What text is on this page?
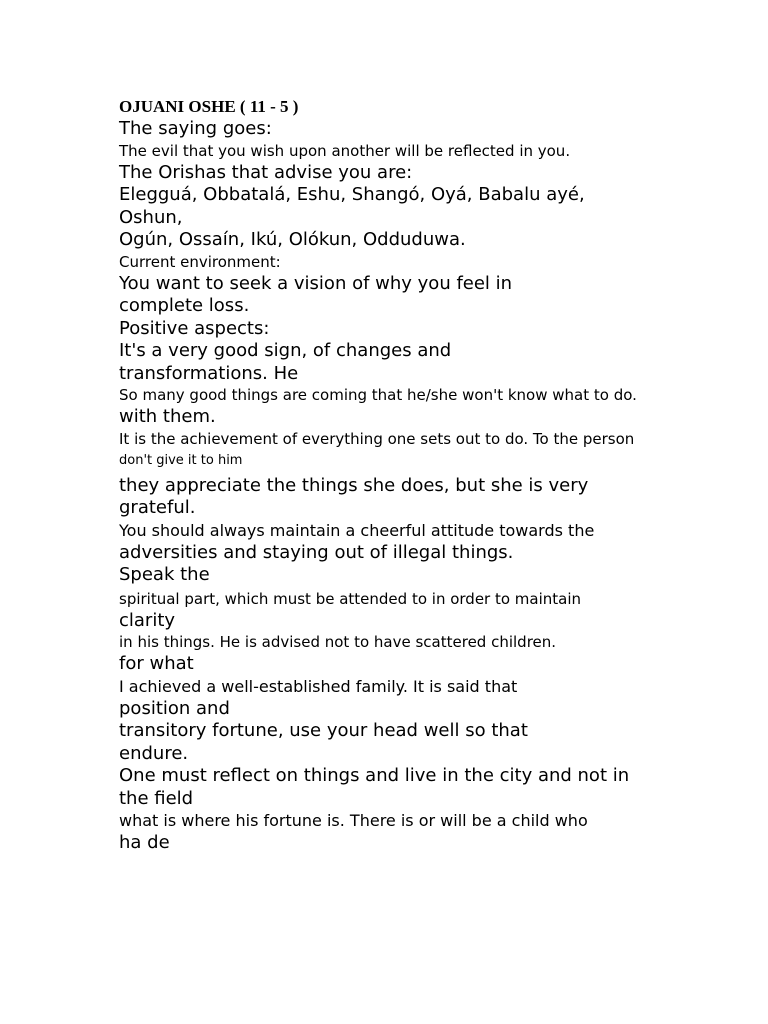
OJUANI OSHE ( 11 - 5 )
The saying goes:
The evil that you wish upon another will be reflected in you.
The Orishas that advise you are:
Elegguá, Obbatalá, Eshu, Shangó, Oyá, Babalu ayé,
Oshun,
Ogún, Ossaín, Ikú, Olókun, Odduduwa.
Current environment:
You want to seek a vision of why you feel in
complete loss.
Positive aspects:
It's a very good sign, of changes and
transformations. He
So many good things are coming that he/she won't know what to do.
with them.
It is the achievement of everything one sets out to do. To the person
don't give it to him
they appreciate the things she does, but she is very
grateful.
You should always maintain a cheerful attitude towards the
adversities and staying out of illegal things.
Speak the
spiritual part, which must be attended to in order to maintain
clarity
in his things. He is advised not to have scattered children.
for what
I achieved a well-established family. It is said that
position and
transitory fortune, use your head well so that
endure.
One must reflect on things and live in the city and not in
the field
what is where his fortune is. There is or will be a child who
ha de
